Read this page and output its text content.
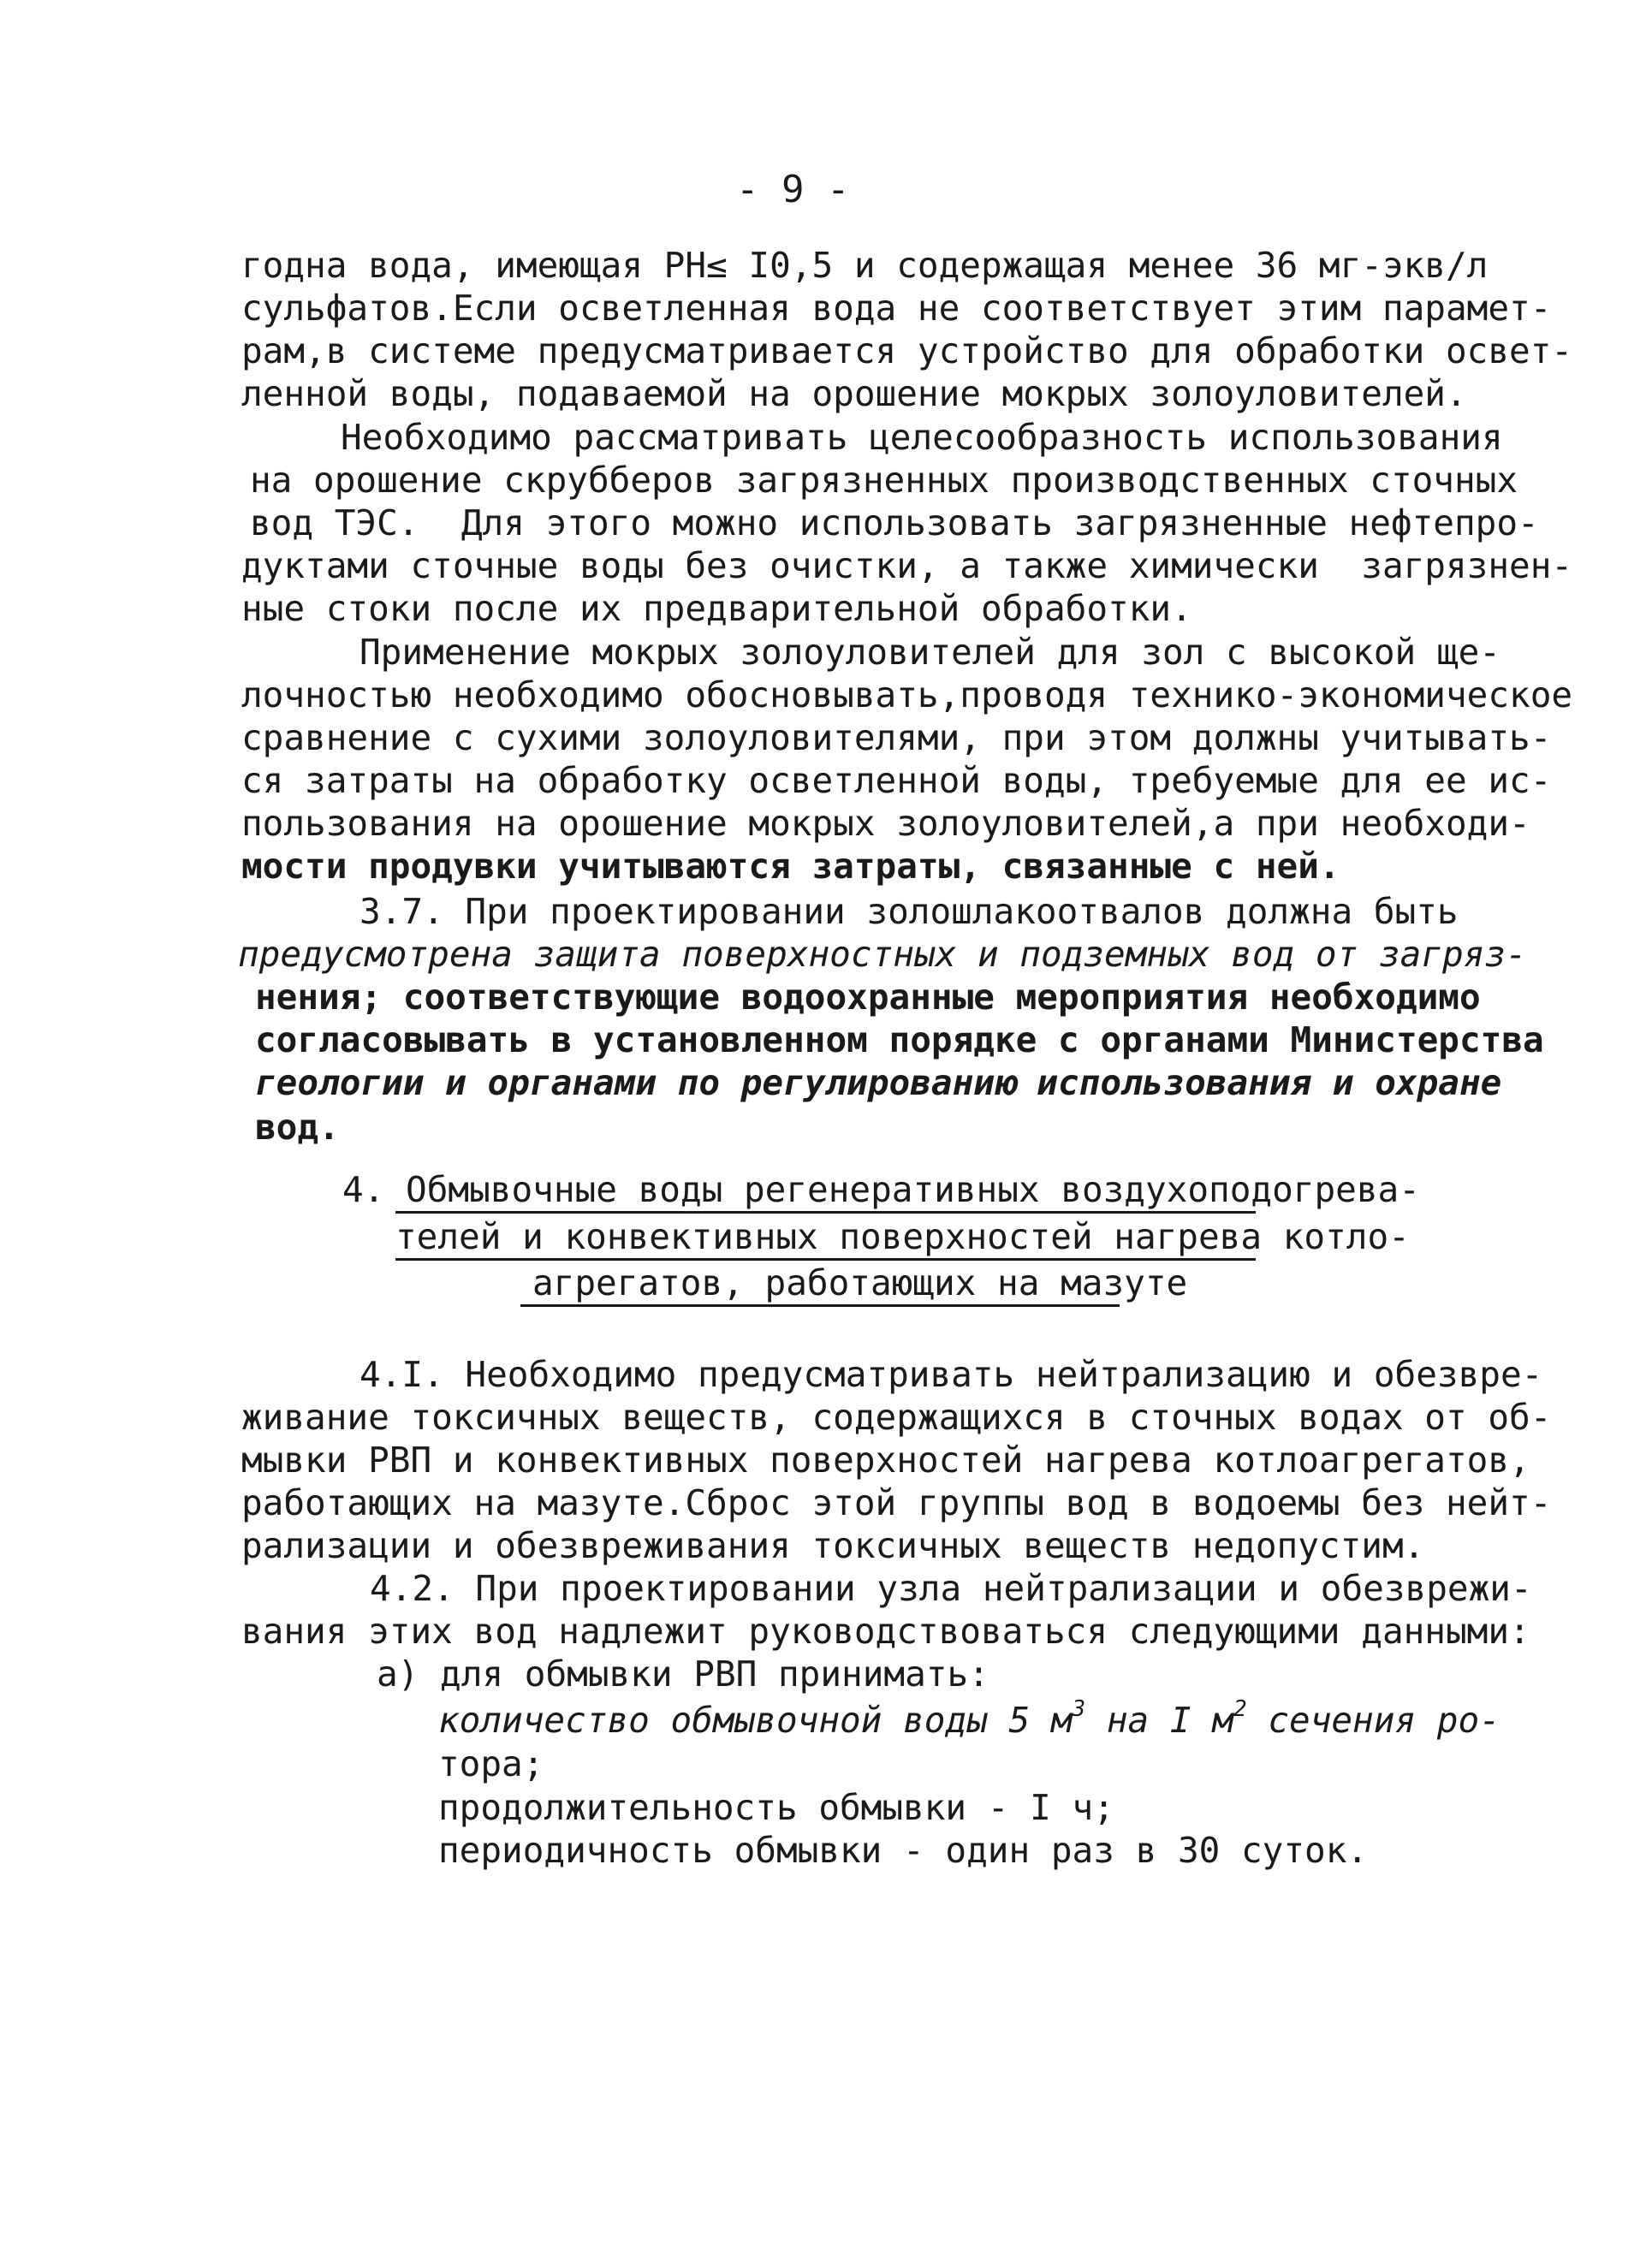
- 9 -
годна вода, имеющая PH≤ I0,5 и содержащая менее 36 мг-экв/л
сульфатов.Если осветленная вода не соответствует этим парамет-
рам,в системе предусматривается устройство для обработки освет-
ленной воды, подаваемой на орошение мокрых золоуловителей.
Необходимо рассматривать целесообразность использования
на орошение скрубберов загрязненных производственных сточных
вод ТЭС.  Для этого можно использовать загрязненные нефтепро-
дуктами сточные воды без очистки, а также химически  загрязнен-
ные стоки после их предварительной обработки.
Применение мокрых золоуловителей для зол с высокой ще-
лочностью необходимо обосновывать,проводя технико-экономическое
сравнение с сухими золоуловителями, при этом должны учитывать-
ся затраты на обработку осветленной воды, требуемые для ее ис-
пользования на орошение мокрых золоуловителей,а при необходи-
мости продувки учитываются затраты, связанные с ней.
3.7. При проектировании золошлакоотвалов должна быть
предусмотрена защита поверхностных и подземных вод от загряз-
нения; соответствующие водоохранные мероприятия необходимо
согласовывать в установленном порядке с органами Министерства
геологии и органами по регулированию использования и охране
вод.
4. Обмывочные воды регенеративных воздухоподогрева-
телей и конвективных поверхностей нагрева котло-
агрегатов, работающих на мазуте
4.I. Необходимо предусматривать нейтрализацию и обезвре-
живание токсичных веществ, содержащихся в сточных водах от об-
мывки РВП и конвективных поверхностей нагрева котлоагрегатов,
работающих на мазуте.Сброс этой группы вод в водоемы без нейт-
рализации и обезвреживания токсичных веществ недопустим.
4.2. При проектировании узла нейтрализации и обезврежи-
вания этих вод надлежит руководствоваться следующими данными:
а) для обмывки РВП принимать:
количество обмывочной воды 5 $м^3$ на I $м^2$ сечения ро-
тора;
продолжительность обмывки - I ч;
периодичность обмывки - один раз в 30 суток.
